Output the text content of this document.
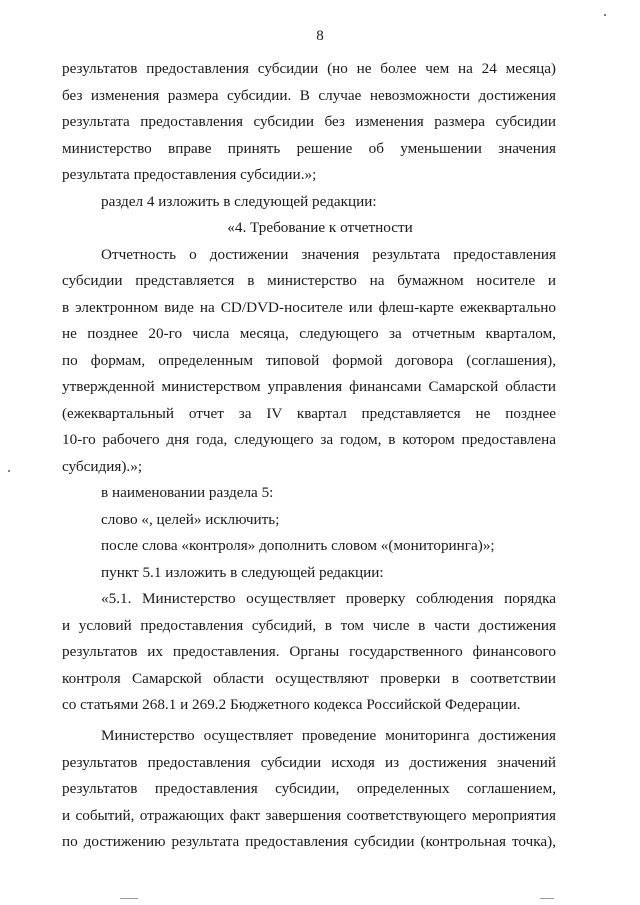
8
результатов предоставления субсидии (но не более чем на 24 месяца)
без изменения размера субсидии. В случае невозможности достижения
результата предоставления субсидии без изменения размера субсидии
министерство вправе принять решение об уменьшении значения
результата предоставления субсидии.»;
раздел 4 изложить в следующей редакции:
«4. Требование к отчетности
Отчетность о достижении значения результата предоставления
субсидии представляется в министерство на бумажном носителе и
в электронном виде на CD/DVD-носителе или флеш-карте ежеквартально
не позднее 20-го числа месяца, следующего за отчетным кварталом,
по формам, определенным типовой формой договора (соглашения),
утвержденной министерством управления финансами Самарской области
(ежеквартальный отчет за IV квартал представляется не позднее
10-го рабочего дня года, следующего за годом, в котором предоставлена
субсидия).»;
в наименовании раздела 5:
слово «, целей» исключить;
после слова «контроля» дополнить словом «(мониторинга)»;
пункт 5.1 изложить в следующей редакции:
«5.1. Министерство осуществляет проверку соблюдения порядка
и условий предоставления субсидий, в том числе в части достижения
результатов их предоставления. Органы государственного финансового
контроля Самарской области осуществляют проверки в соответствии
со статьями 268.1 и 269.2 Бюджетного кодекса Российской Федерации.
Министерство осуществляет проведение мониторинга достижения
результатов предоставления субсидии исходя из достижения значений
результатов предоставления субсидии, определенных соглашением,
и событий, отражающих факт завершения соответствующего мероприятия
по достижению результата предоставления субсидии (контрольная точка),
